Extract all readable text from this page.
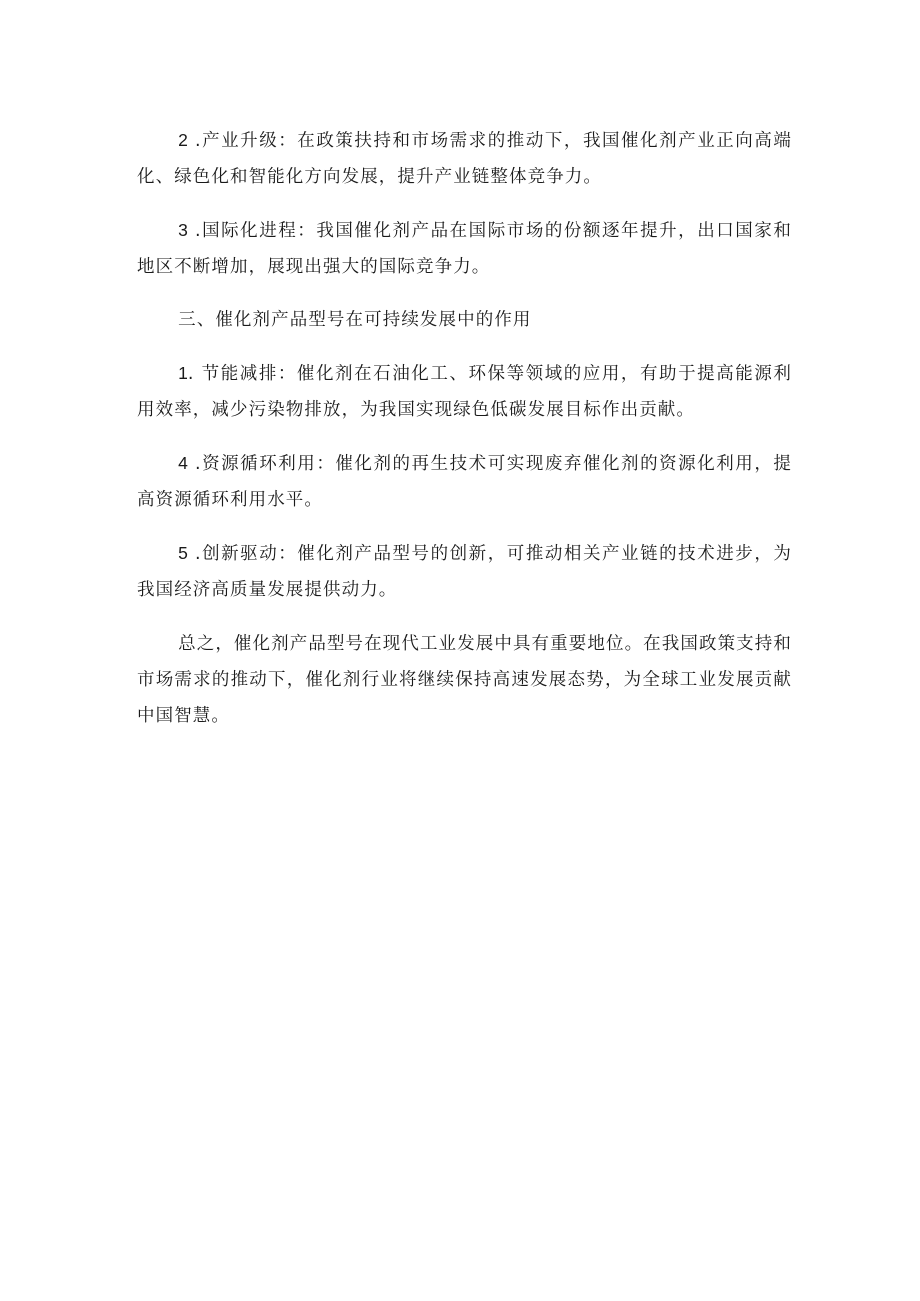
2 .产业升级：在政策扶持和市场需求的推动下，我国催化剂产业正向高端化、绿色化和智能化方向发展，提升产业链整体竞争力。

3 .国际化进程：我国催化剂产品在国际市场的份额逐年提升，出口国家和地区不断增加，展现出强大的国际竞争力。

三、催化剂产品型号在可持续发展中的作用

1. 节能减排：催化剂在石油化工、环保等领域的应用，有助于提高能源利用效率，减少污染物排放，为我国实现绿色低碳发展目标作出贡献。

4 .资源循环利用：催化剂的再生技术可实现废弃催化剂的资源化利用，提高资源循环利用水平。

5 .创新驱动：催化剂产品型号的创新，可推动相关产业链的技术进步，为我国经济高质量发展提供动力。

总之，催化剂产品型号在现代工业发展中具有重要地位。在我国政策支持和市场需求的推动下，催化剂行业将继续保持高速发展态势，为全球工业发展贡献中国智慧。
